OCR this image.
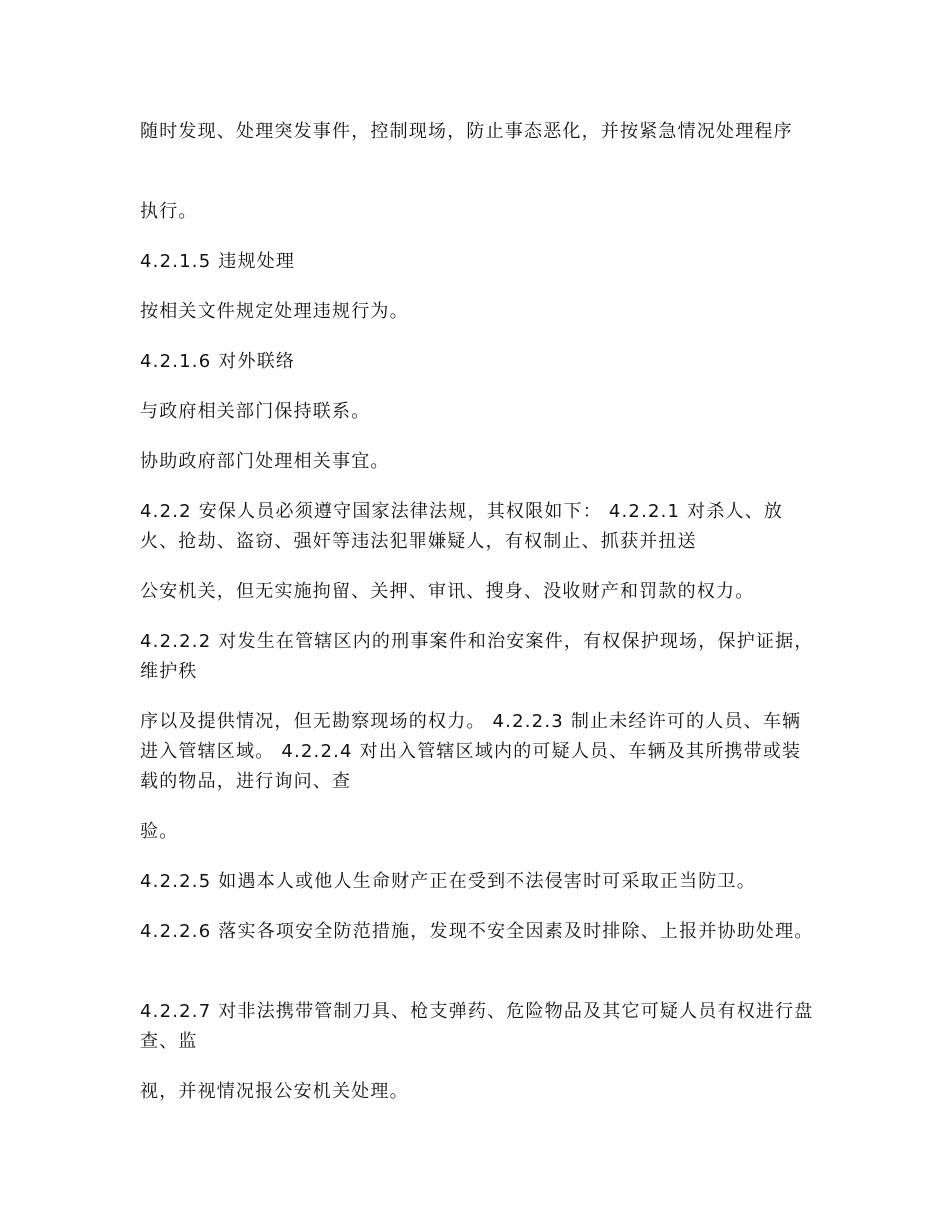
随时发现、处理突发事件，控制现场，防止事态恶化，并按紧急情况处理程序
执行。
4.2.1.5 违规处理
按相关文件规定处理违规行为。
4.2.1.6 对外联络
与政府相关部门保持联系。
协助政府部门处理相关事宜。
4.2.2 安保人员必须遵守国家法律法规，其权限如下： 4.2.2.1 对杀人、放火、抢劫、盗窃、强奸等违法犯罪嫌疑人，有权制止、抓获并扭送
公安机关，但无实施拘留、关押、审讯、搜身、没收财产和罚款的权力。
4.2.2.2 对发生在管辖区内的刑事案件和治安案件，有权保护现场，保护证据，维护秩
序以及提供情况，但无勘察现场的权力。 4.2.2.3 制止未经许可的人员、车辆进入管辖区域。 4.2.2.4 对出入管辖区域内的可疑人员、车辆及其所携带或装载的物品，进行询问、查
验。
4.2.2.5 如遇本人或他人生命财产正在受到不法侵害时可采取正当防卫。
4.2.2.6 落实各项安全防范措施，发现不安全因素及时排除、上报并协助处理。
4.2.2.7 对非法携带管制刀具、枪支弹药、危险物品及其它可疑人员有权进行盘查、监
视，并视情况报公安机关处理。
